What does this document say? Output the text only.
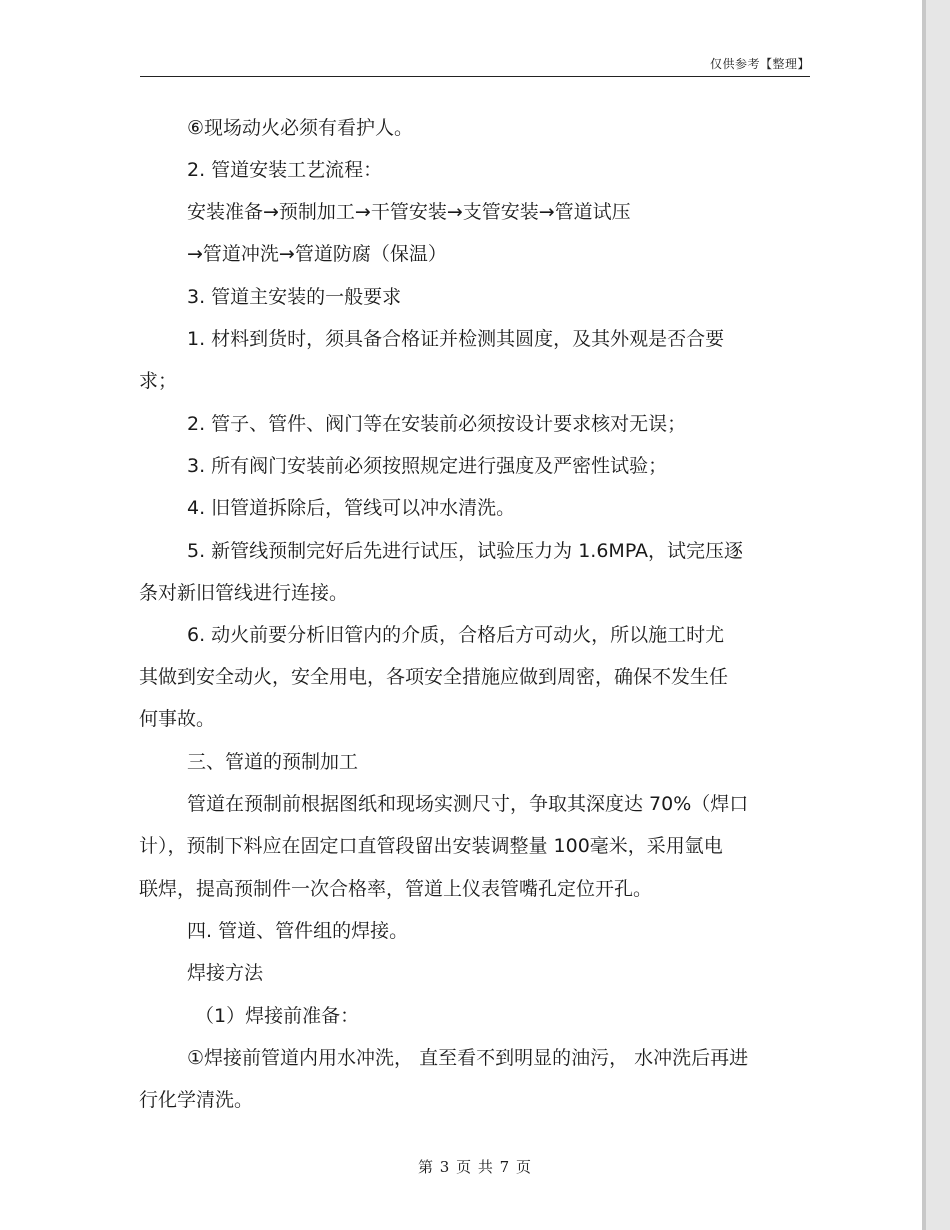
仅供参考【整理】
⑥现场动火必须有看护人。
2. 管道安装工艺流程：
安装准备→预制加工→干管安装→支管安装→管道试压
→管道冲洗→管道防腐（保温）
3. 管道主安装的一般要求
1. 材料到货时，须具备合格证并检测其圆度，及其外观是否合要
求；
2. 管子、管件、阀门等在安装前必须按设计要求核对无误；
3. 所有阀门安装前必须按照规定进行强度及严密性试验；
4. 旧管道拆除后，管线可以冲水清洗。
5. 新管线预制完好后先进行试压，试验压力为 1.6MPA，试完压逐
条对新旧管线进行连接。
6. 动火前要分析旧管内的介质，合格后方可动火，所以施工时尤
其做到安全动火，安全用电，各项安全措施应做到周密，确保不发生任
何事故。
三、管道的预制加工
管道在预制前根据图纸和现场实测尺寸，争取其深度达 70%（焊口
计），预制下料应在固定口直管段留出安装调整量 100毫米，采用氩电
联焊，提高预制件一次合格率，管道上仪表管嘴孔定位开孔。
四. 管道、管件组的焊接。
焊接方法
（1）焊接前准备：
①焊接前管道内用水冲洗， 直至看不到明显的油污， 水冲洗后再进
行化学清洗。
第 3 页 共 7 页
